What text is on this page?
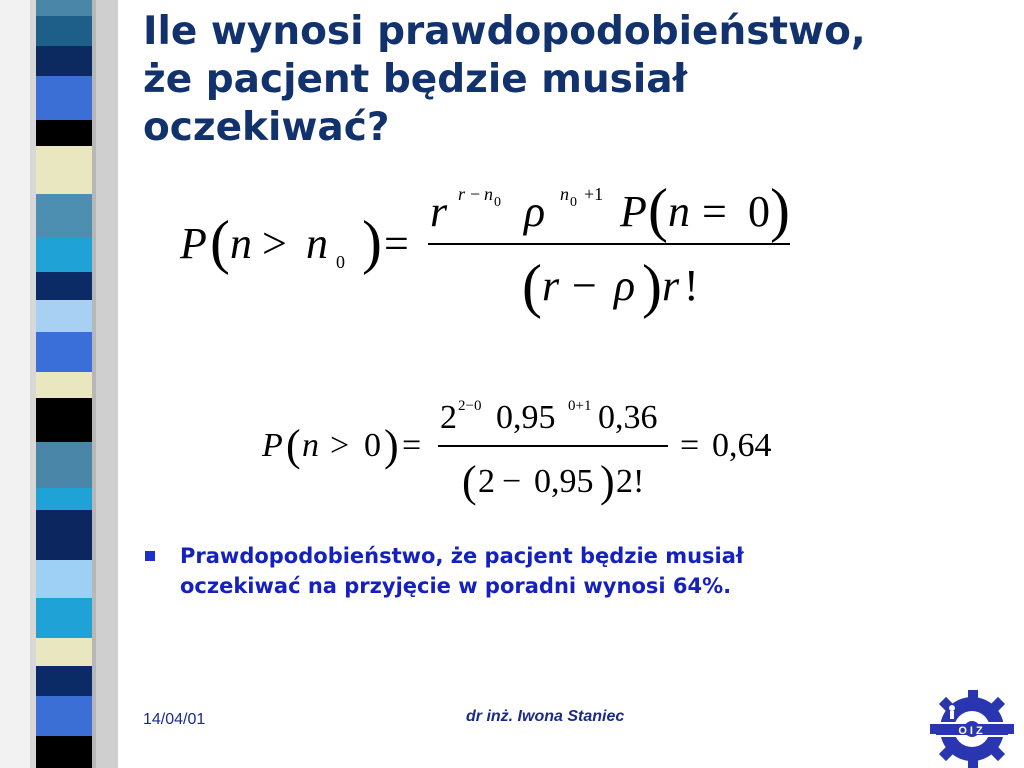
Ile wynosi prawdopodobieństwo,
że pacjent będzie musiał
oczekiwać?
P ( n > n 0 ) =
r r − n 0 ρ n 0 +1 P ( n = 0 )
( r − ρ ) r !
P ( n > 0 ) =
2 2−0 0,95 0+1 0,36
( 2 − 0,95 ) 2!
= 0,64

Prawdopodobieństwo, że pacjent będzie musiał
oczekiwać na przyjęcie w poradni wynosi 64%.

14/04/01	dr inż. Iwona Staniec
OIZ
